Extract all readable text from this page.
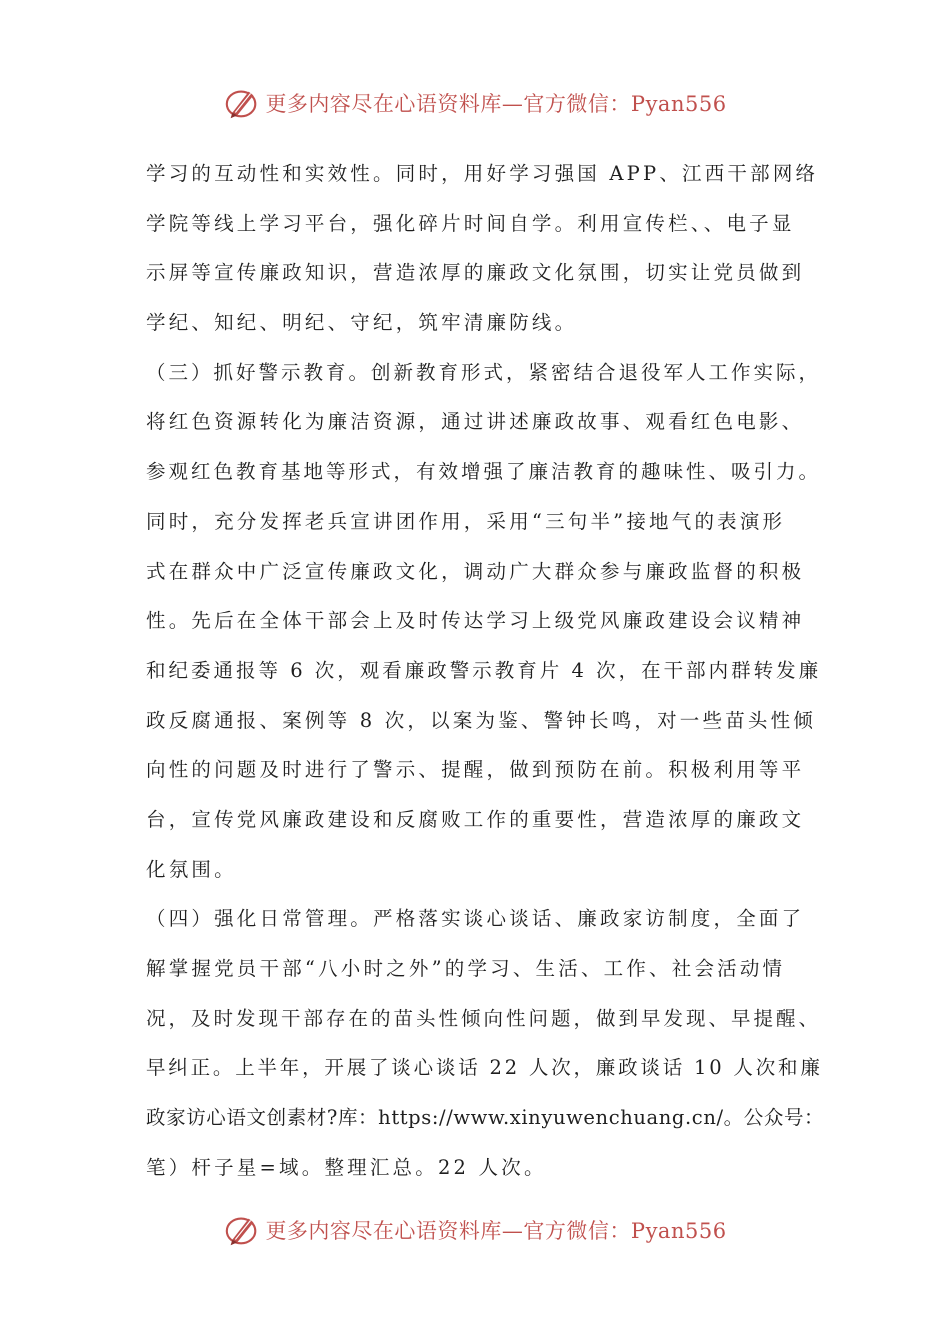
更多内容尽在心语资料库—官方微信：Pyan556
学习的互动性和实效性。同时，用好学习强国 APP、江西干部网络
学院等线上学习平台，强化碎片时间自学。利用宣传栏、、电子显
示屏等宣传廉政知识，营造浓厚的廉政文化氛围，切实让党员做到
学纪、知纪、明纪、守纪，筑牢清廉防线。
（三）抓好警示教育。创新教育形式，紧密结合退役军人工作实际，
将红色资源转化为廉洁资源，通过讲述廉政故事、观看红色电影、
参观红色教育基地等形式，有效增强了廉洁教育的趣味性、吸引力。
同时，充分发挥老兵宣讲团作用，采用“三句半”接地气的表演形
式在群众中广泛宣传廉政文化，调动广大群众参与廉政监督的积极
性。先后在全体干部会上及时传达学习上级党风廉政建设会议精神
和纪委通报等 6 次，观看廉政警示教育片 4 次，在干部内群转发廉
政反腐通报、案例等 8 次，以案为鉴、警钟长鸣，对一些苗头性倾
向性的问题及时进行了警示、提醒，做到预防在前。积极利用等平
台，宣传党风廉政建设和反腐败工作的重要性，营造浓厚的廉政文
化氛围。
（四）强化日常管理。严格落实谈心谈话、廉政家访制度，全面了
解掌握党员干部“八小时之外”的学习、生活、工作、社会活动情
况，及时发现干部存在的苗头性倾向性问题，做到早发现、早提醒、
早纠正。上半年，开展了谈心谈话 22 人次，廉政谈话 10 人次和廉
政家访心语文创素材?库：https://www.xinyuwenchuang.cn/。公众号：
笔）杆子星=域。整理汇总。22 人次。
更多内容尽在心语资料库—官方微信：Pyan556
